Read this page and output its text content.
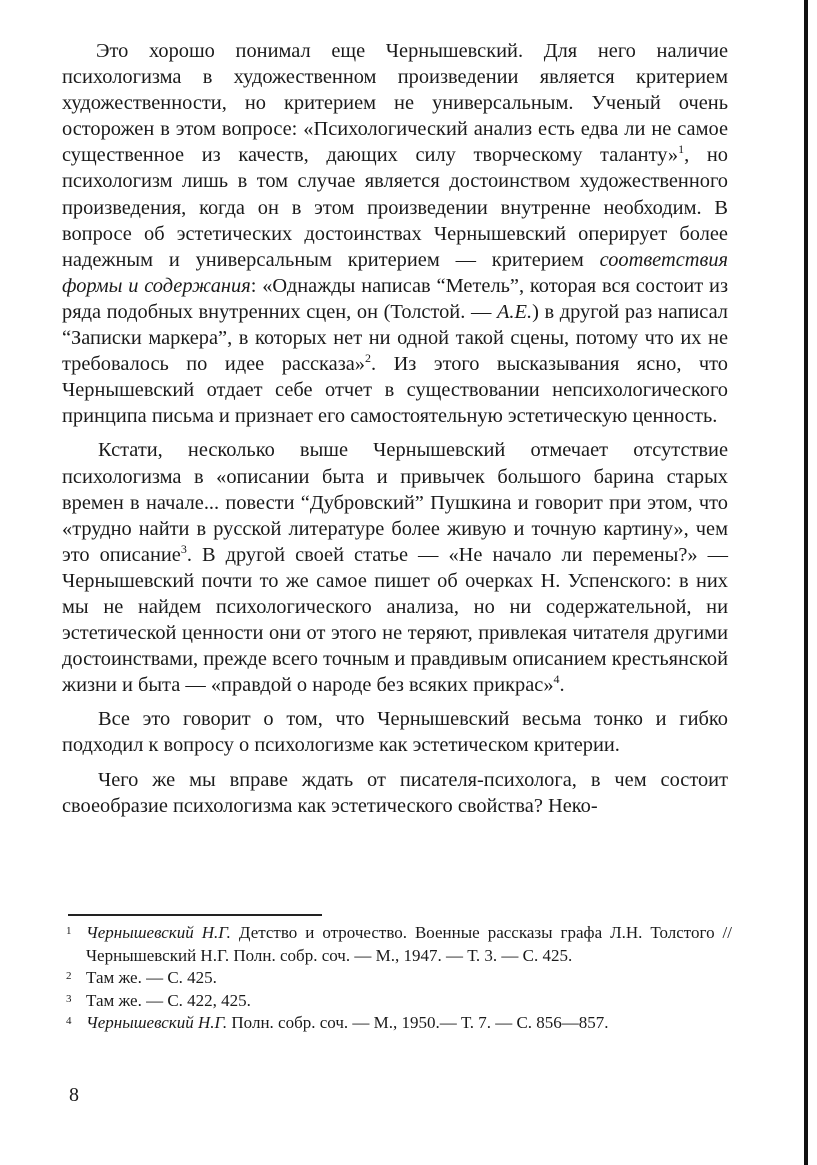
Это хорошо понимал еще Чернышевский. Для него наличие психологизма в художественном произведении является критерием художественности, но критерием не универсальным. Ученый очень осторожен в этом вопросе: «Психологический анализ есть едва ли не самое существенное из качеств, дающих силу творческому таланту»$^1$, но психологизм лишь в том случае является достоинством художественного произведения, когда он в этом произведении внутренне необходим. В вопросе об эстетических достоинствах Чернышевский оперирует более надежным и универсальным критерием — критерием соответствия формы и содержания: «Однажды написав “Метель”, которая вся состоит из ряда подобных внутренних сцен, он (Толстой. — А.Е.) в другой раз написал “Записки маркера”, в которых нет ни одной такой сцены, потому что их не требовалось по идее рассказа»$^2$. Из этого высказывания ясно, что Чернышевский отдает себе отчет в существовании непсихологического принципа письма и признает его самостоятельную эстетическую ценность.

Кстати, несколько выше Чернышевский отмечает отсутствие психологизма в «описании быта и привычек большого барина старых времен в начале... повести “Дубровский” Пушкина и говорит при этом, что «трудно найти в русской литературе более живую и точную картину», чем это описание$^3$. В другой своей статье — «Не начало ли перемены?» — Чернышевский почти то же самое пишет об очерках Н. Успенского: в них мы не найдем психологического анализа, но ни содержательной, ни эстетической ценности они от этого не теряют, привлекая читателя другими достоинствами, прежде всего точным и правдивым описанием крестьянской жизни и быта — «правдой о народе без всяких прикрас»$^4$.

Все это говорит о том, что Чернышевский весьма тонко и гибко подходил к вопросу о психологизме как эстетическом критерии.

Чего же мы вправе ждать от писателя-психолога, в чем состоит своеобразие психологизма как эстетического свойства? Неко-

1 Чернышевский Н.Г. Детство и отрочество. Военные рассказы графа Л.Н. Толстого // Чернышевский Н.Г. Полн. собр. соч. — М., 1947. — Т. 3. — С. 425.
2 Там же. — С. 425.
3 Там же. — С. 422, 425.
4 Чернышевский Н.Г. Полн. собр. соч. — М., 1950.— Т. 7. — С. 856—857.
8
